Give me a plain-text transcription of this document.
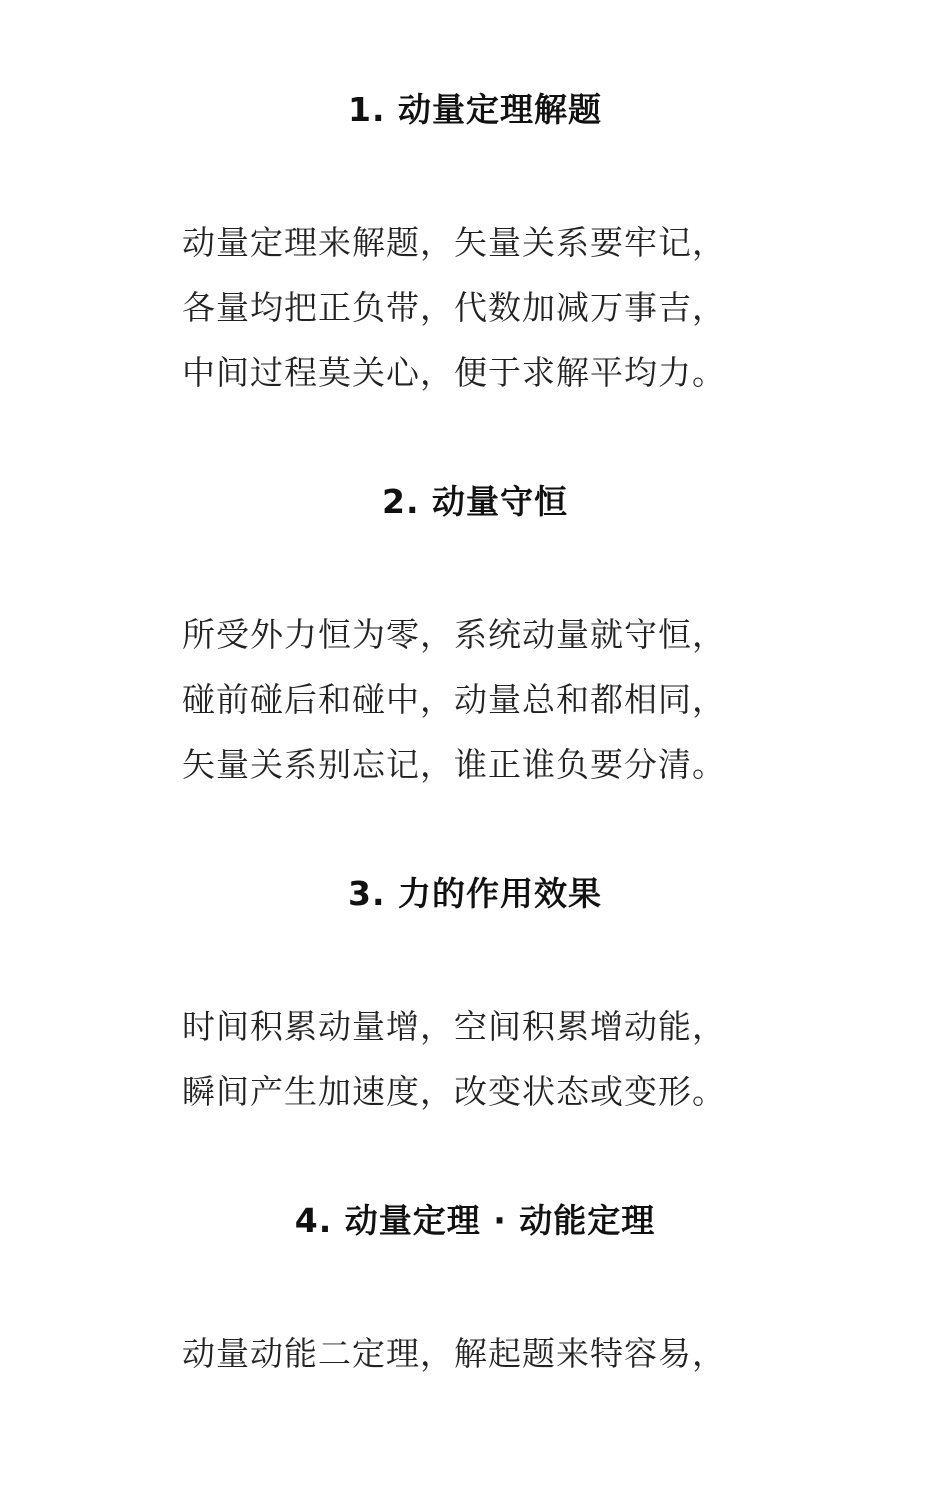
1. 动量定理解题
动量定理来解题，矢量关系要牢记，
各量均把正负带，代数加减万事吉，
中间过程莫关心，便于求解平均力。
2. 动量守恒
所受外力恒为零，系统动量就守恒，
碰前碰后和碰中，动量总和都相同，
矢量关系别忘记，谁正谁负要分清。
3. 力的作用效果
时间积累动量增，空间积累增动能，
瞬间产生加速度，改变状态或变形。
4. 动量定理 · 动能定理
动量动能二定理，解起题来特容易，
